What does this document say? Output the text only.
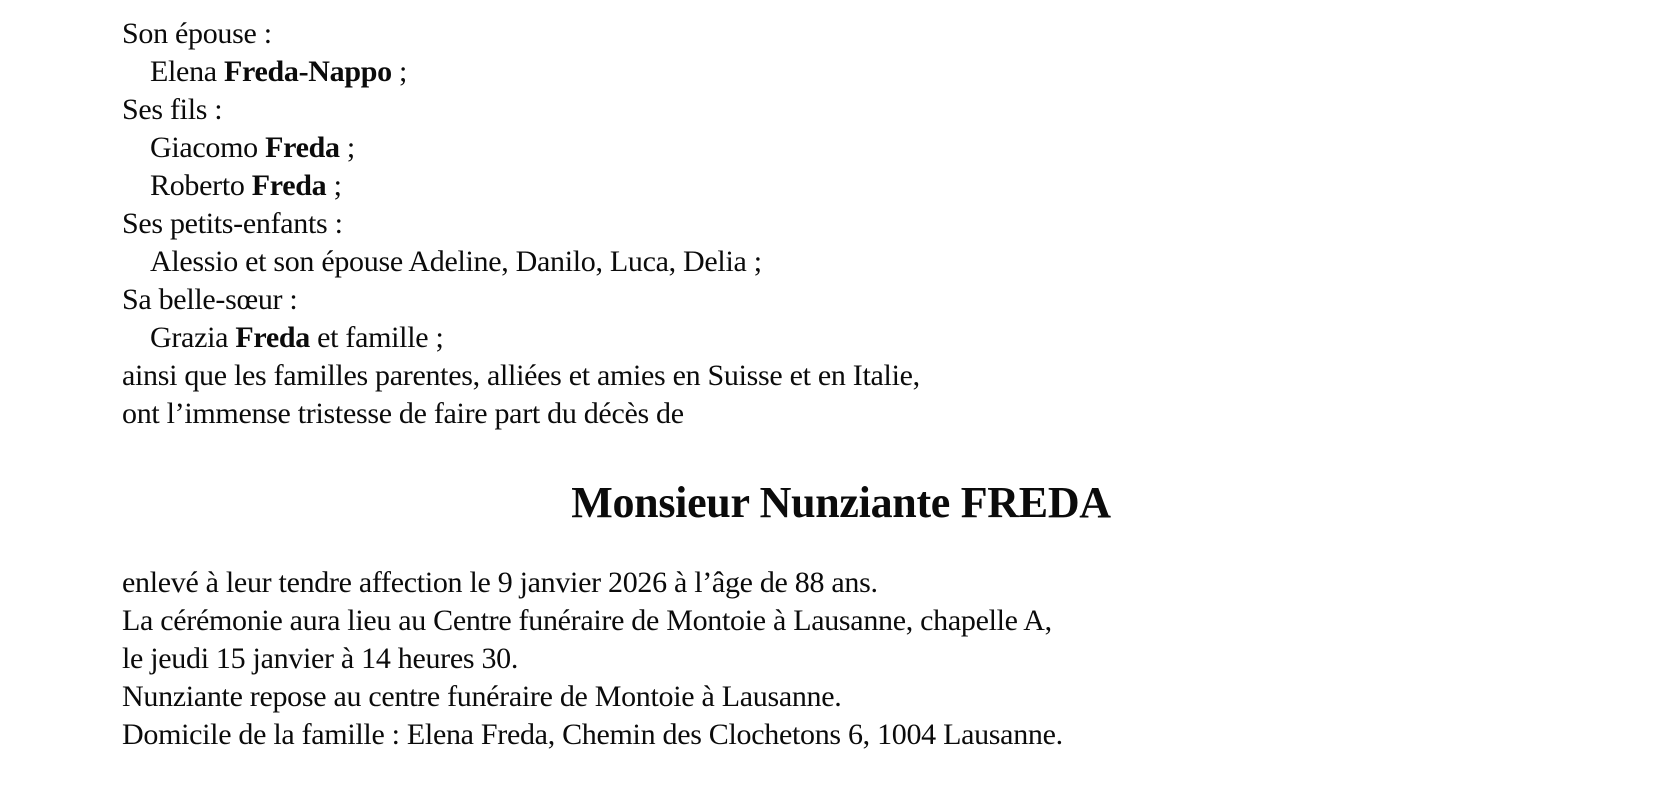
Son épouse :

Elena Freda-Nappo ;

Ses fils :

Giacomo Freda ;

Roberto Freda ;

Ses petits-enfants :

Alessio et son épouse Adeline, Danilo, Luca, Delia ;

Sa belle-sœur :

Grazia Freda et famille ;

ainsi que les familles parentes, alliées et amies en Suisse et en Italie,

ont l’immense tristesse de faire part du décès de

Monsieur Nunziante FREDA

enlevé à leur tendre affection le 9 janvier 2026 à l’âge de 88 ans.

La cérémonie aura lieu au Centre funéraire de Montoie à Lausanne, chapelle A,

le jeudi 15 janvier à 14 heures 30.

Nunziante repose au centre funéraire de Montoie à Lausanne.

Domicile de la famille : Elena Freda, Chemin des Clochetons 6, 1004 Lausanne.
